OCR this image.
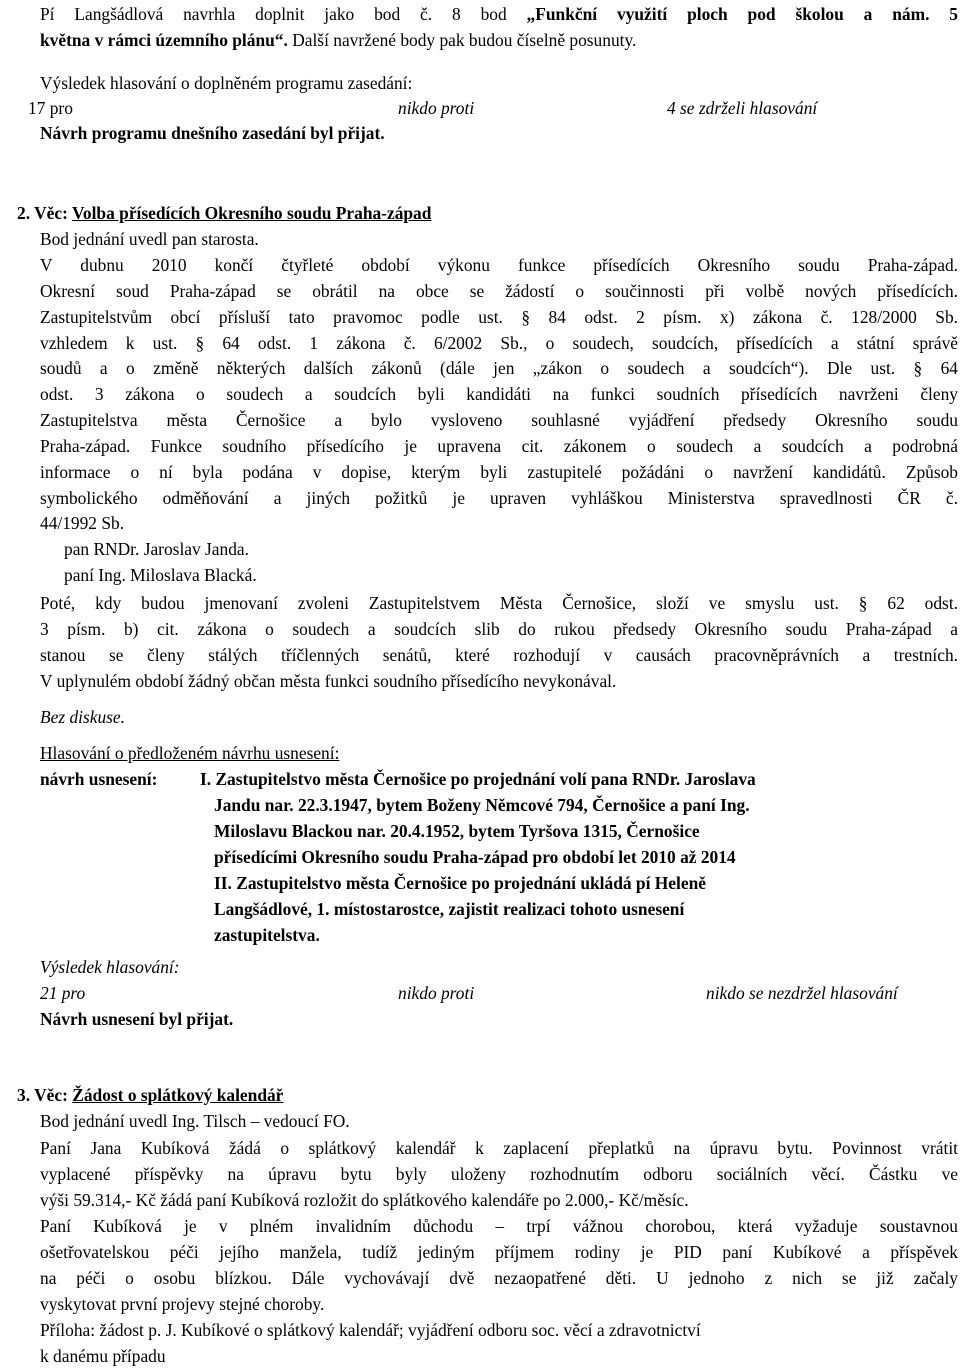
Pí Langšádlová navrhla doplnit jako bod č. 8 bod „Funkční využití ploch pod školou a nám. 5
května v rámci územního plánu“. Další navržené body pak budou číselně posunuty.
Výsledek hlasování o doplněném programu zasedání:
17 pro	nikdo proti	4 se zdrželi hlasování
Návrh programu dnešního zasedání byl přijat.
2. Věc: Volba přísedících Okresního soudu Praha-západ
Bod jednání uvedl pan starosta.
V dubnu 2010 končí čtyřleté období výkonu funkce přísedících Okresního soudu Praha-západ.
Okresní soud Praha-západ se obrátil na obce se žádostí o součinnosti při volbě nových přísedících.
Zastupitelstvům obcí přísluší tato pravomoc podle ust. § 84 odst. 2 písm. x) zákona č. 128/2000 Sb.
vzhledem k ust. § 64 odst. 1 zákona č. 6/2002 Sb., o soudech, soudcích, přísedících a státní správě
soudů a o změně některých dalších zákonů (dále jen „zákon o soudech a soudcích“). Dle ust. § 64
odst. 3 zákona o soudech a soudcích byli kandidáti na funkci soudních přísedících navrženi členy
Zastupitelstva města Černošice a bylo vysloveno souhlasné vyjádření předsedy Okresního soudu
Praha-západ. Funkce soudního přísedícího je upravena cit. zákonem o soudech a soudcích a podrobná
informace o ní byla podána v dopise, kterým byli zastupitelé požádáni o navržení kandidátů. Způsob
symbolického odměňování a jiných požitků je upraven vyhláškou Ministerstva spravedlnosti ČR č.
44/1992 Sb.
pan RNDr. Jaroslav Janda.
paní Ing. Miloslava Blacká.
Poté, kdy budou jmenovaní zvoleni Zastupitelstvem Města Černošice, složí ve smyslu ust. § 62 odst.
3 písm. b) cit. zákona o soudech a soudcích slib do rukou předsedy Okresního soudu Praha-západ a
stanou se členy stálých tříčlenných senátů, které rozhodují v causách pracovněprávních a trestních.
V uplynulém období žádný občan města funkci soudního přísedícího nevykonával.
Bez diskuse.
Hlasování o předloženém návrhu usnesení:
návrh usnesení: I. Zastupitelstvo města Černošice po projednání volí pana RNDr. Jaroslava
Jandu nar. 22.3.1947, bytem Boženy Němcové 794, Černošice a paní Ing.
Miloslavu Blackou nar. 20.4.1952, bytem Tyršova 1315, Černošice
přísedícími Okresního soudu Praha-západ pro období let 2010 až 2014
II. Zastupitelstvo města Černošice po projednání ukládá pí Heleně
Langšádlové, 1. místostarostce, zajistit realizaci tohoto usnesení
zastupitelstva.
Výsledek hlasování:
21 pro	nikdo proti	nikdo se nezdržel hlasování
Návrh usnesení byl přijat.
3. Věc: Žádost o splátkový kalendář
Bod jednání uvedl Ing. Tilsch – vedoucí FO.
Paní Jana Kubíková žádá o splátkový kalendář k zaplacení přeplatků na úpravu bytu. Povinnost vrátit
vyplacené příspěvky na úpravu bytu byly uloženy rozhodnutím odboru sociálních věcí. Částku ve
výši 59.314,- Kč žádá paní Kubíková rozložit do splátkového kalendáře po 2.000,- Kč/měsíc.
Paní Kubíková je v plném invalidním důchodu – trpí vážnou chorobou, která vyžaduje soustavnou
ošetřovatelskou péči jejího manžela, tudíž jediným příjmem rodiny je PID paní Kubíkové a příspěvek
na péči o osobu blízkou. Dále vychovávají dvě nezaopatřené děti. U jednoho z nich se již začaly
vyskytovat první projevy stejné choroby.
Příloha: žádost p. J. Kubíkové o splátkový kalendář; vyjádření odboru soc. věcí a zdravotnictví
k danému případu
